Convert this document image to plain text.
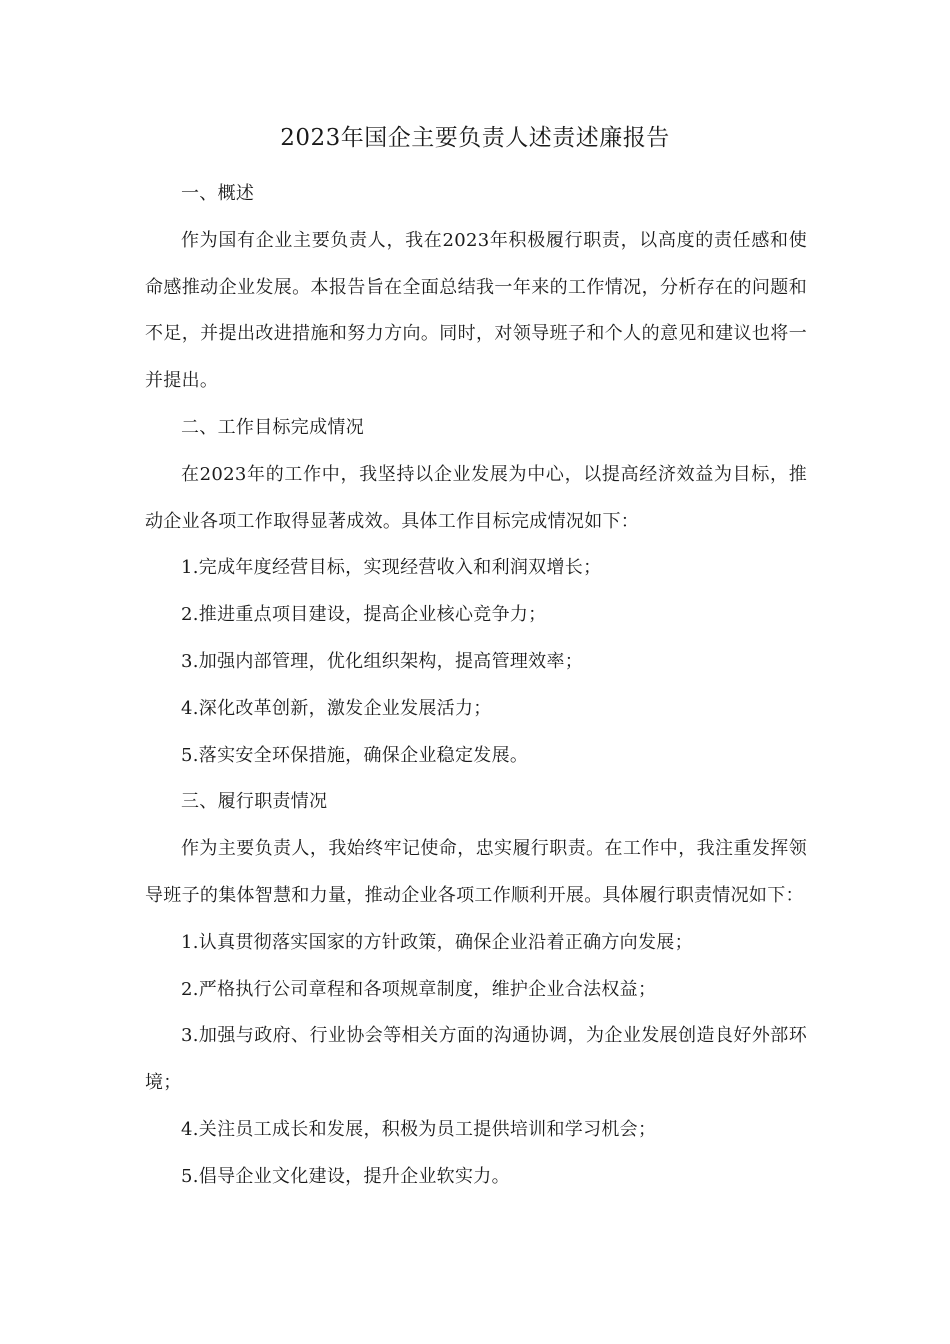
2023年国企主要负责人述责述廉报告

一、概述

作为国有企业主要负责人，我在2023年积极履行职责，以高度的责任感和使命感推动企业发展。本报告旨在全面总结我一年来的工作情况，分析存在的问题和不足，并提出改进措施和努力方向。同时，对领导班子和个人的意见和建议也将一并提出。

二、工作目标完成情况

在2023年的工作中，我坚持以企业发展为中心，以提高经济效益为目标，推动企业各项工作取得显著成效。具体工作目标完成情况如下：

1.完成年度经营目标，实现经营收入和利润双增长；

2.推进重点项目建设，提高企业核心竞争力；

3.加强内部管理，优化组织架构，提高管理效率；

4.深化改革创新，激发企业发展活力；

5.落实安全环保措施，确保企业稳定发展。

三、履行职责情况

作为主要负责人，我始终牢记使命，忠实履行职责。在工作中，我注重发挥领导班子的集体智慧和力量，推动企业各项工作顺利开展。具体履行职责情况如下：

1.认真贯彻落实国家的方针政策，确保企业沿着正确方向发展；

2.严格执行公司章程和各项规章制度，维护企业合法权益；

3.加强与政府、行业协会等相关方面的沟通协调，为企业发展创造良好外部环境；

4.关注员工成长和发展，积极为员工提供培训和学习机会；

5.倡导企业文化建设，提升企业软实力。
